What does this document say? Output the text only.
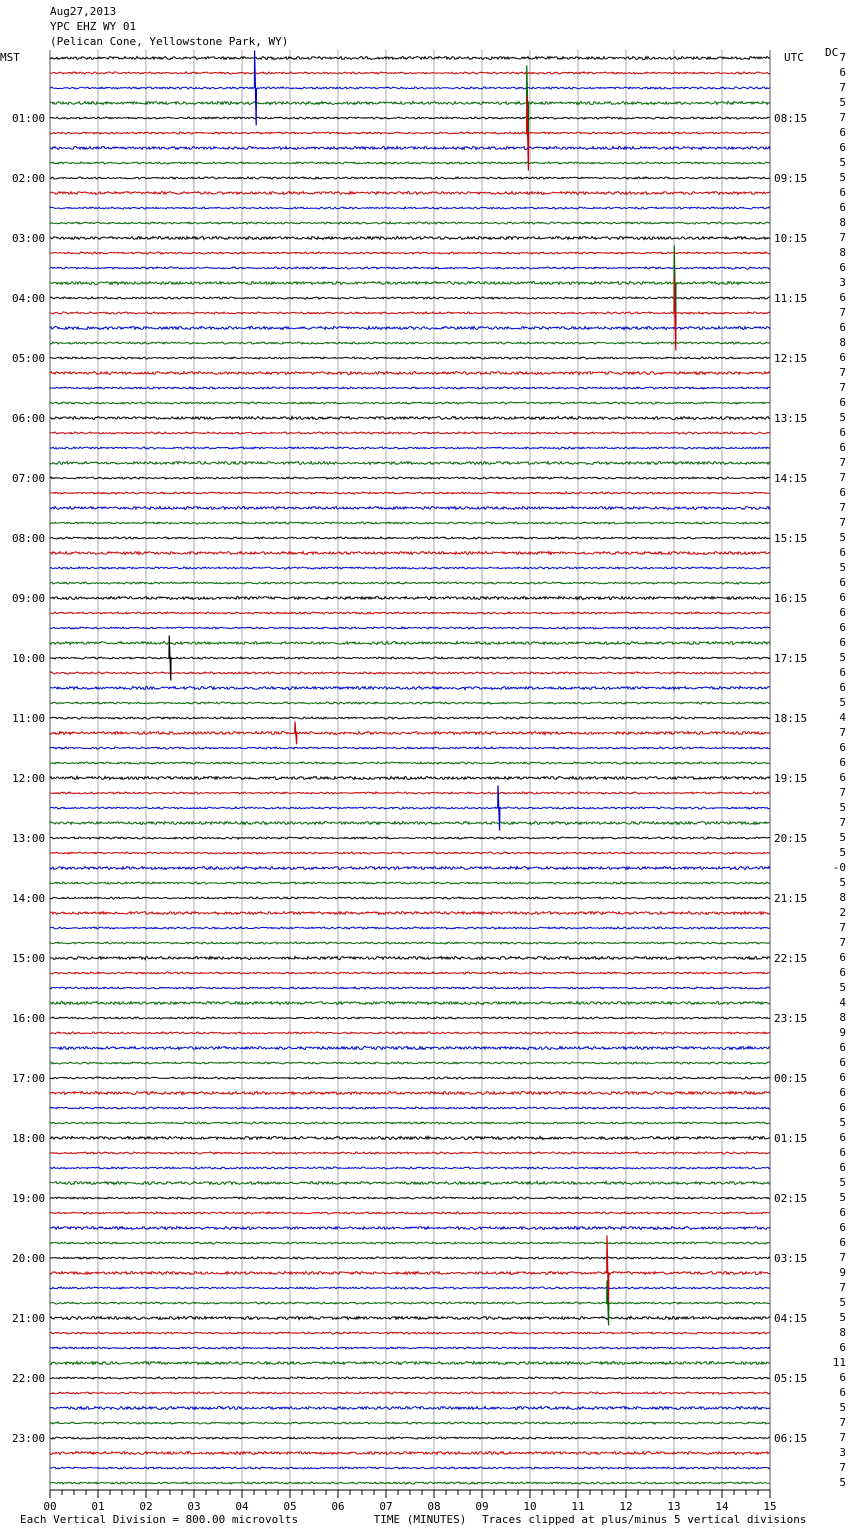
Aug27,2013
YPC EHZ WY 01
(Pelican Cone, Yellowstone Park, WY)
MST	UTC DC
01:00
02:00
03:00
04:00
05:00
06:00
07:00
08:00
09:00
10:00
11:00
12:00
13:00
14:00
15:00
16:00
17:00
18:00
19:00
20:00
21:00
22:00
23:00
08:15
09:15
10:15
11:15
12:15
13:15
14:15
15:15
16:15
17:15
18:15
19:15
20:15
21:15
22:15
23:15
00:15
01:15
02:15
03:15
04:15
05:15
06:15
7
6
7
5
7
6
6
5
5
6
6
8
7
8
6
3
6
7
6
8
6
7
7
6
5
6
6
7
7
6
7
7
5
6
5
6
6
6
6
6
5
6
6
5
4
7
6
6
6
7
5
7
5
5
-0
5
8
2
7
7
6
6
5
4
8
9
6
6
6
6
6
5
6
6
6
5
5
6
6
6
7
9
7
5
5
8
6
11
6
6
5
7
7
3
7
5
00	01	02	03	04	05	06	07	08	09	10	11	12	13	14	15
TIME (MINUTES)
Each Vertical Division = 800.00 microvolts	Traces clipped at plus/minus 5 vertical divisions
